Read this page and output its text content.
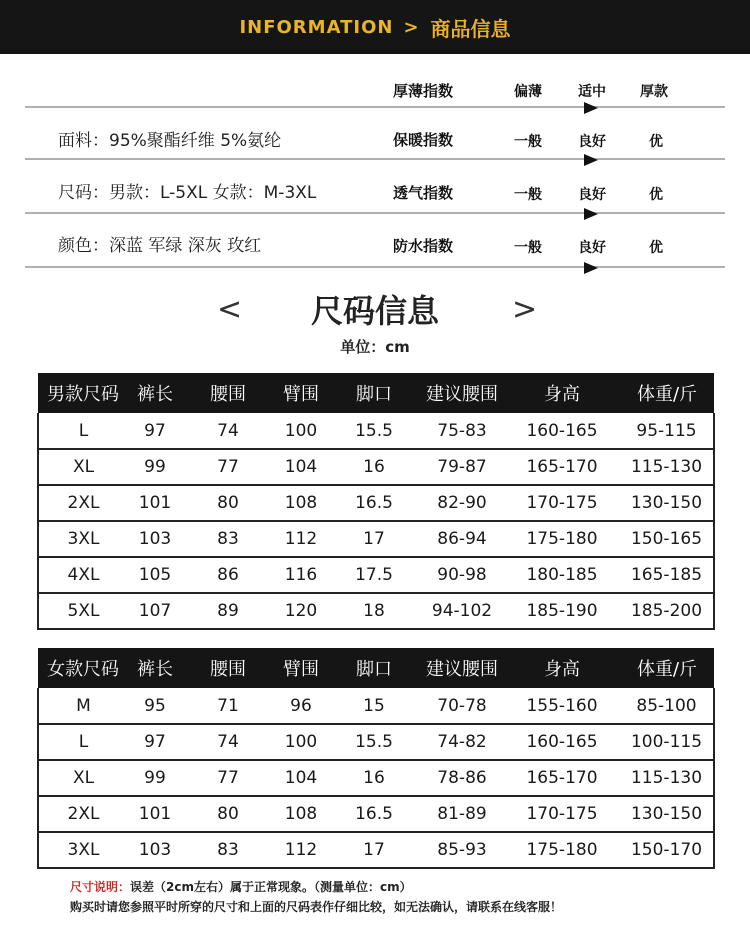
INFORMATION > 商品信息
厚薄指数	偏薄	适中 厚款
面料：95%聚酯纤维 5%氨纶	保暖指数	一般	良好	优
尺码：男款：L-5XL 女款：M-3XL	透气指数	一般	良好	优
颜色：深蓝 军绿 深灰 玫红	防水指数	一般	良好	优
<	尺码信息	>
单位：cm
男款尺码	裤长	腰围	臂围	脚口	建议腰围	身高	体重/斤
L	97	74	100	15.5	75-83	160-165	95-115
XL	99	77	104	16	79-87	165-170	115-130
2XL	101	80	108	16.5	82-90	170-175	130-150
3XL	103	83	112	17	86-94	175-180	150-165
4XL	105	86	116	17.5	90-98	180-185	165-185
5XL	107	89	120	18	94-102	185-190	185-200
女款尺码	裤长	腰围	臂围	脚口	建议腰围	身高	体重/斤
M	95	71	96	15	70-78	155-160	85-100
L	97	74	100	15.5	74-82	160-165	100-115
XL	99	77	104	16	78-86	165-170	115-130
2XL	101	80	108	16.5	81-89	170-175	130-150
3XL	103	83	112	17	85-93	175-180	150-170
尺寸说明：误差（2cm左右）属于正常现象。（测量单位：cm）
购买时请您参照平时所穿的尺寸和上面的尺码表作仔细比较，如无法确认，请联系在线客服！
